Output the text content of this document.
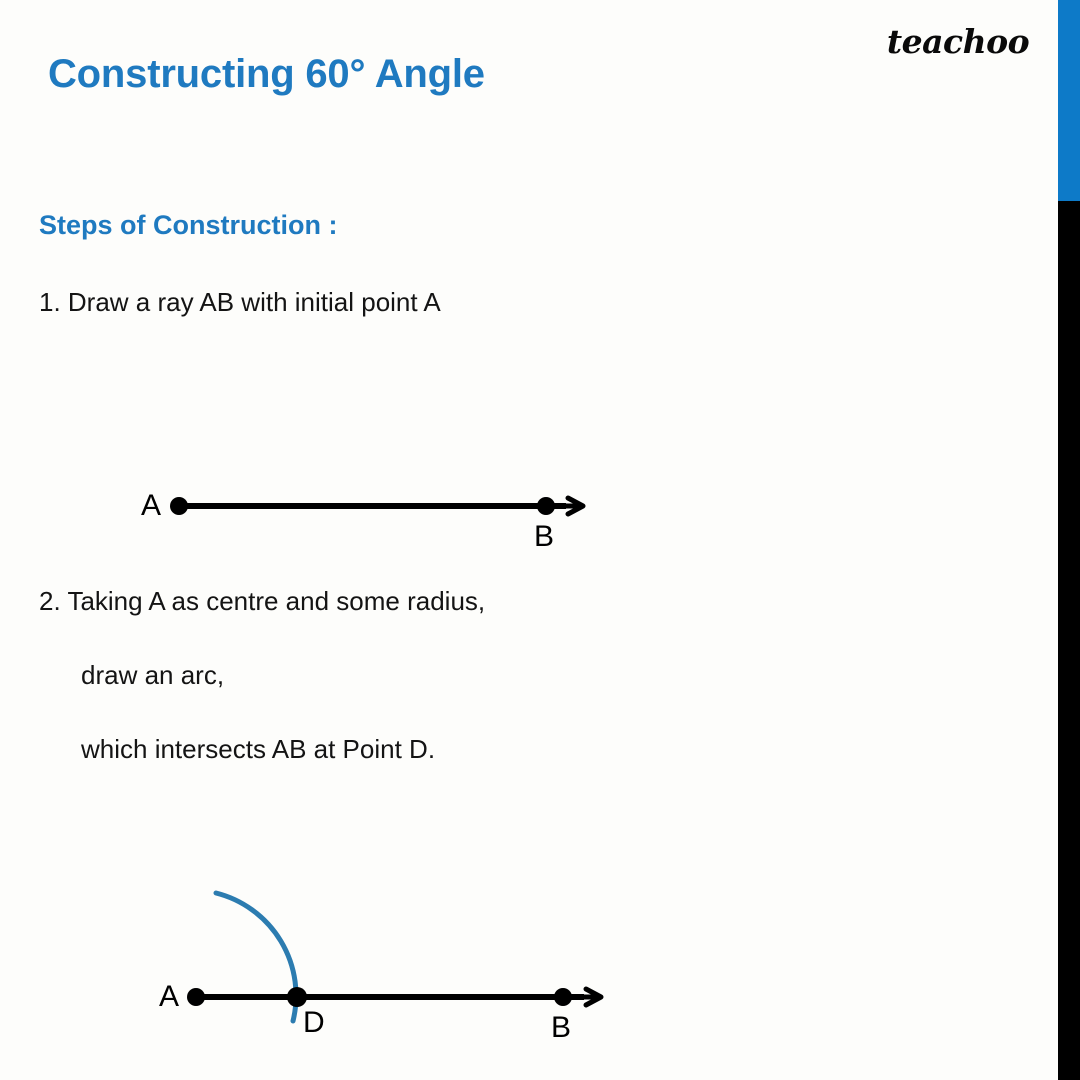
teachoo
Constructing 60° Angle
Steps of Construction :
1. Draw a ray AB with initial point A
A
B
2. Taking A as centre and some radius,
draw an arc,
which intersects AB at Point D.
A
D	B
